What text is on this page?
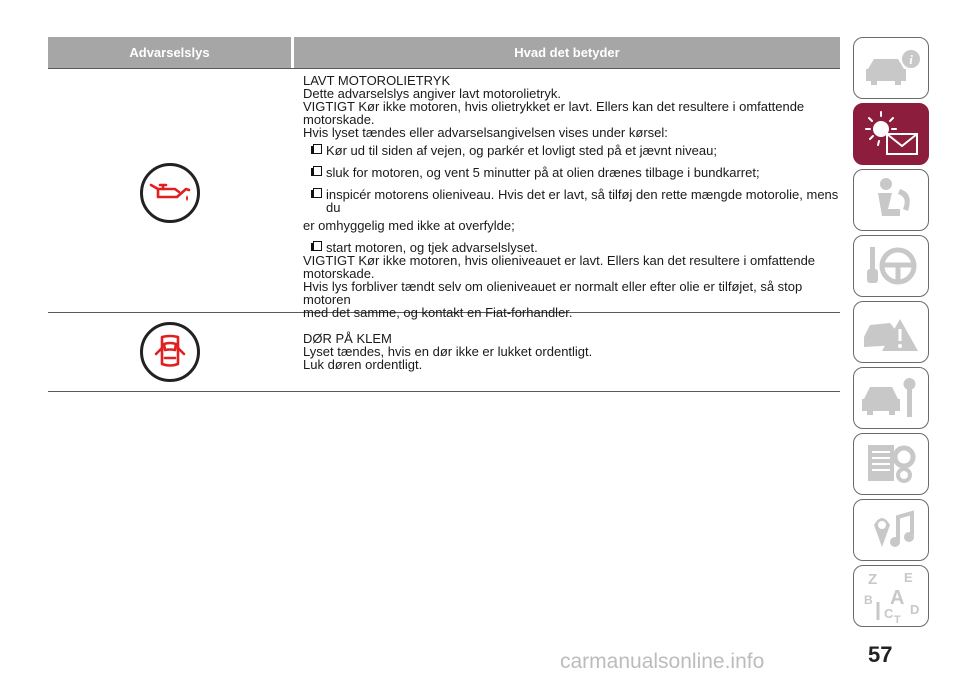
Advarselslys	Hvad det betyder
LAVT MOTOROLIETRYK
Dette advarselslys angiver lavt motorolietryk.
VIGTIGT Kør ikke motoren, hvis olietrykket er lavt. Ellers kan det resultere i omfattende
motorskade.
Hvis lyset tændes eller advarselsangivelsen vises under kørsel:
Kør ud til siden af vejen, og parkér et lovligt sted på et jævnt niveau;
sluk for motoren, og vent 5 minutter på at olien drænes tilbage i bundkarret;
inspicér motorens olieniveau. Hvis det er lavt, så tilføj den rette mængde motorolie, mens du
er omhyggelig med ikke at overfylde;
start motoren, og tjek advarselslyset.
VIGTIGT Kør ikke motoren, hvis olieniveauet er lavt. Ellers kan det resultere i omfattende
motorskade.
Hvis lys forbliver tændt selv om olieniveauet er normalt eller efter olie er tilføjet, så stop motoren
med det samme, og kontakt en Fiat-forhandler.
DØR PÅ KLEM
Lyset tændes, hvis en dør ikke er lukket ordentligt.
Luk døren ordentligt.
i
Z E
B A
C D
T
57
carmanualsonline.info
